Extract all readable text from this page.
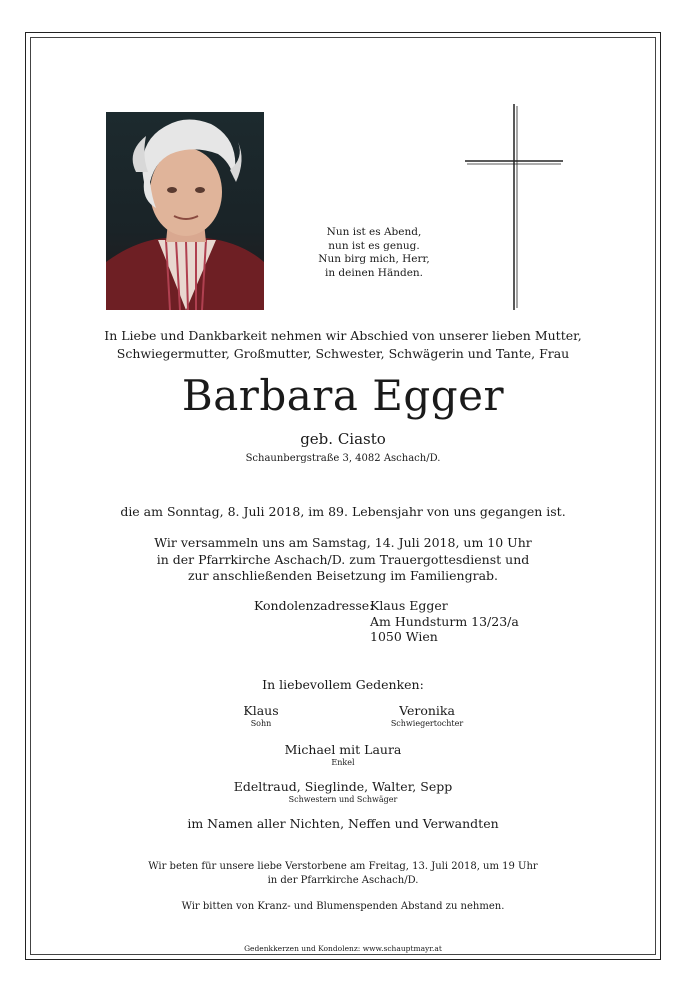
Nun ist es Abend,
nun ist es genug.
Nun birg mich, Herr,
in deinen Händen.
In Liebe und Dankbarkeit nehmen wir Abschied von unserer lieben Mutter,
Schwiegermutter, Großmutter, Schwester, Schwägerin und Tante, Frau
Barbara Egger
geb. Ciasto
Schaunbergstraße 3, 4082 Aschach/D.
die am Sonntag, 8. Juli 2018, im 89. Lebensjahr von uns gegangen ist.
Wir versammeln uns am Samstag, 14. Juli 2018, um 10 Uhr
in der Pfarrkirche Aschach/D. zum Trauergottesdienst und
zur anschließenden Beisetzung im Familiengrab.
Kondolenzadresse:
Klaus Egger
Am Hundsturm 13/23/a
1050 Wien
In liebevollem Gedenken:
Klaus
Sohn
Veronika
Schwiegertochter
Michael mit Laura
Enkel
Edeltraud, Sieglinde, Walter, Sepp
Schwestern und Schwäger
im Namen aller Nichten, Neffen und Verwandten
Wir beten für unsere liebe Verstorbene am Freitag, 13. Juli 2018, um 19 Uhr
in der Pfarrkirche Aschach/D.
Wir bitten von Kranz- und Blumenspenden Abstand zu nehmen.
Gedenkkerzen und Kondolenz: www.schauptmayr.at
